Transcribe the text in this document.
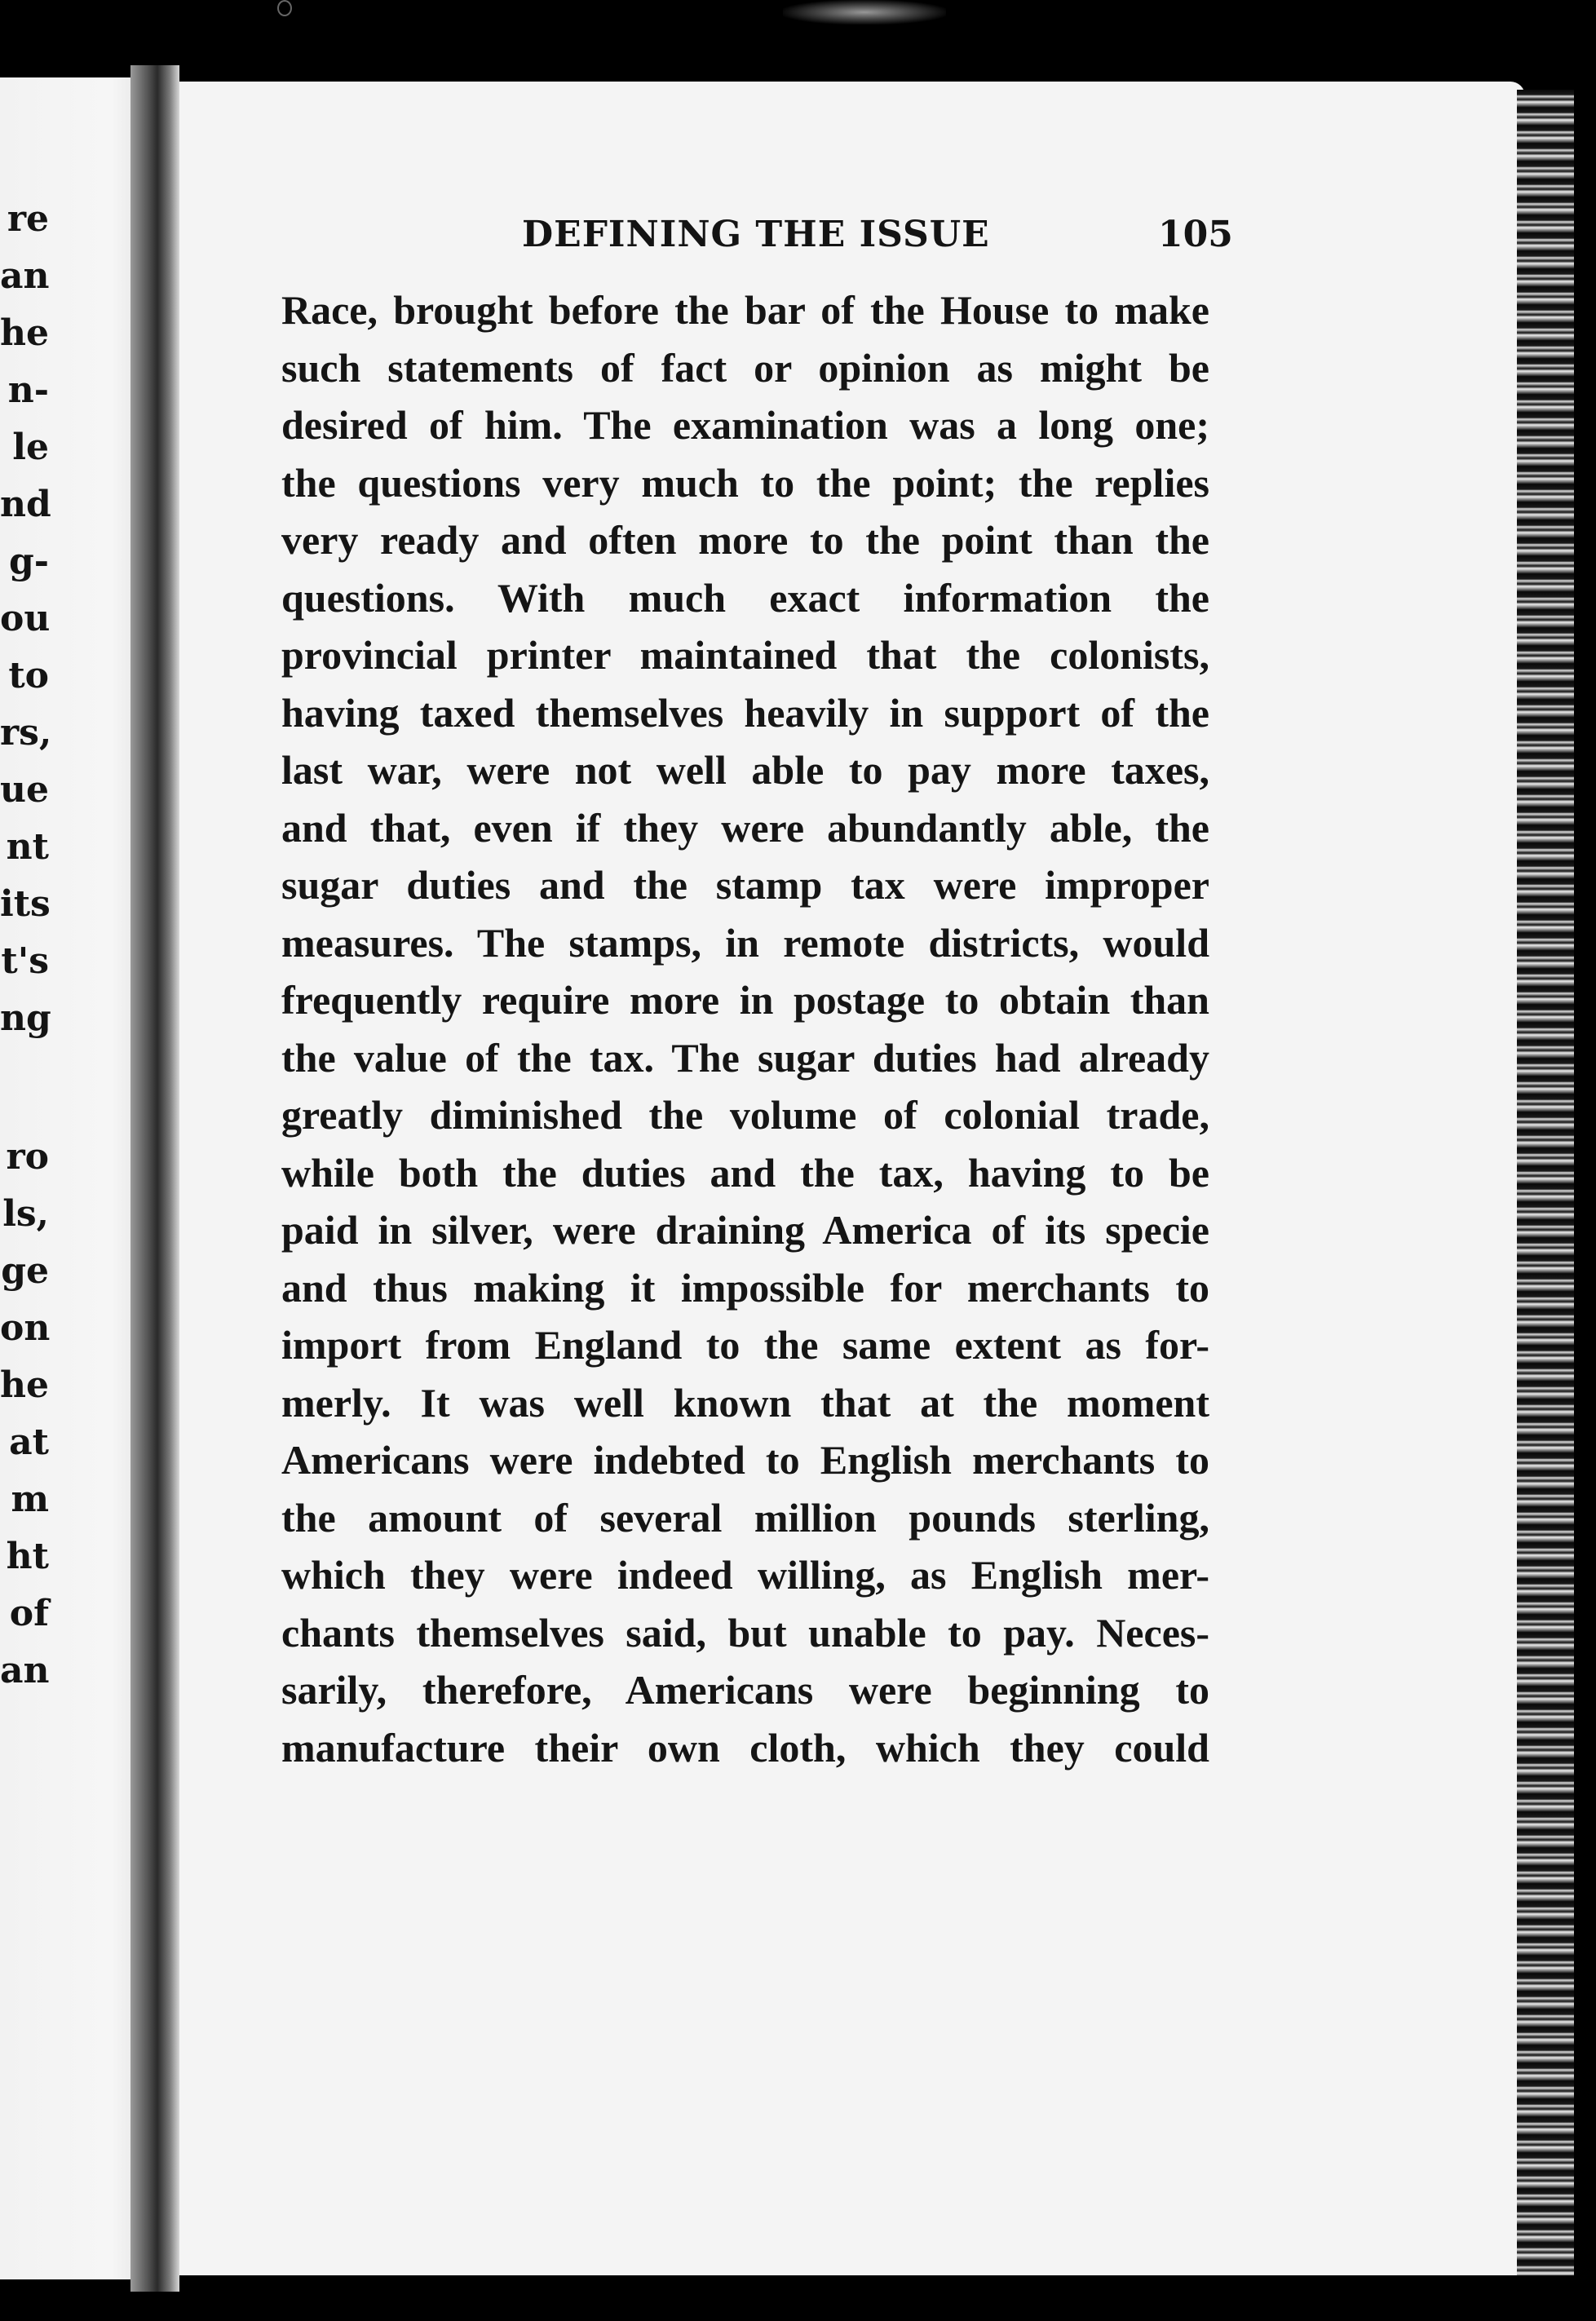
re
an
he
n-
le
nd
g-
ou
to
rs,
ue
nt
its
t's
ng
ro
ls,
ge
on
he
at
m
ht
of
an
DEFINING THE ISSUE	105
Race, brought before the bar of the House to make
such statements of fact or opinion as might be
desired of him. The examination was a long one;
the questions very much to the point; the replies
very ready and often more to the point than the
questions. With much exact information the
provincial printer maintained that the colonists,
having taxed themselves heavily in support of the
last war, were not well able to pay more taxes,
and that, even if they were abundantly able, the
sugar duties and the stamp tax were improper
measures. The stamps, in remote districts, would
frequently require more in postage to obtain than
the value of the tax. The sugar duties had already
greatly diminished the volume of colonial trade,
while both the duties and the tax, having to be
paid in silver, were draining America of its specie
and thus making it impossible for merchants to
import from England to the same extent as for-
merly. It was well known that at the moment
Americans were indebted to English merchants to
the amount of several million pounds sterling,
which they were indeed willing, as English mer-
chants themselves said, but unable to pay. Neces-
sarily, therefore, Americans were beginning to
manufacture their own cloth, which they could
